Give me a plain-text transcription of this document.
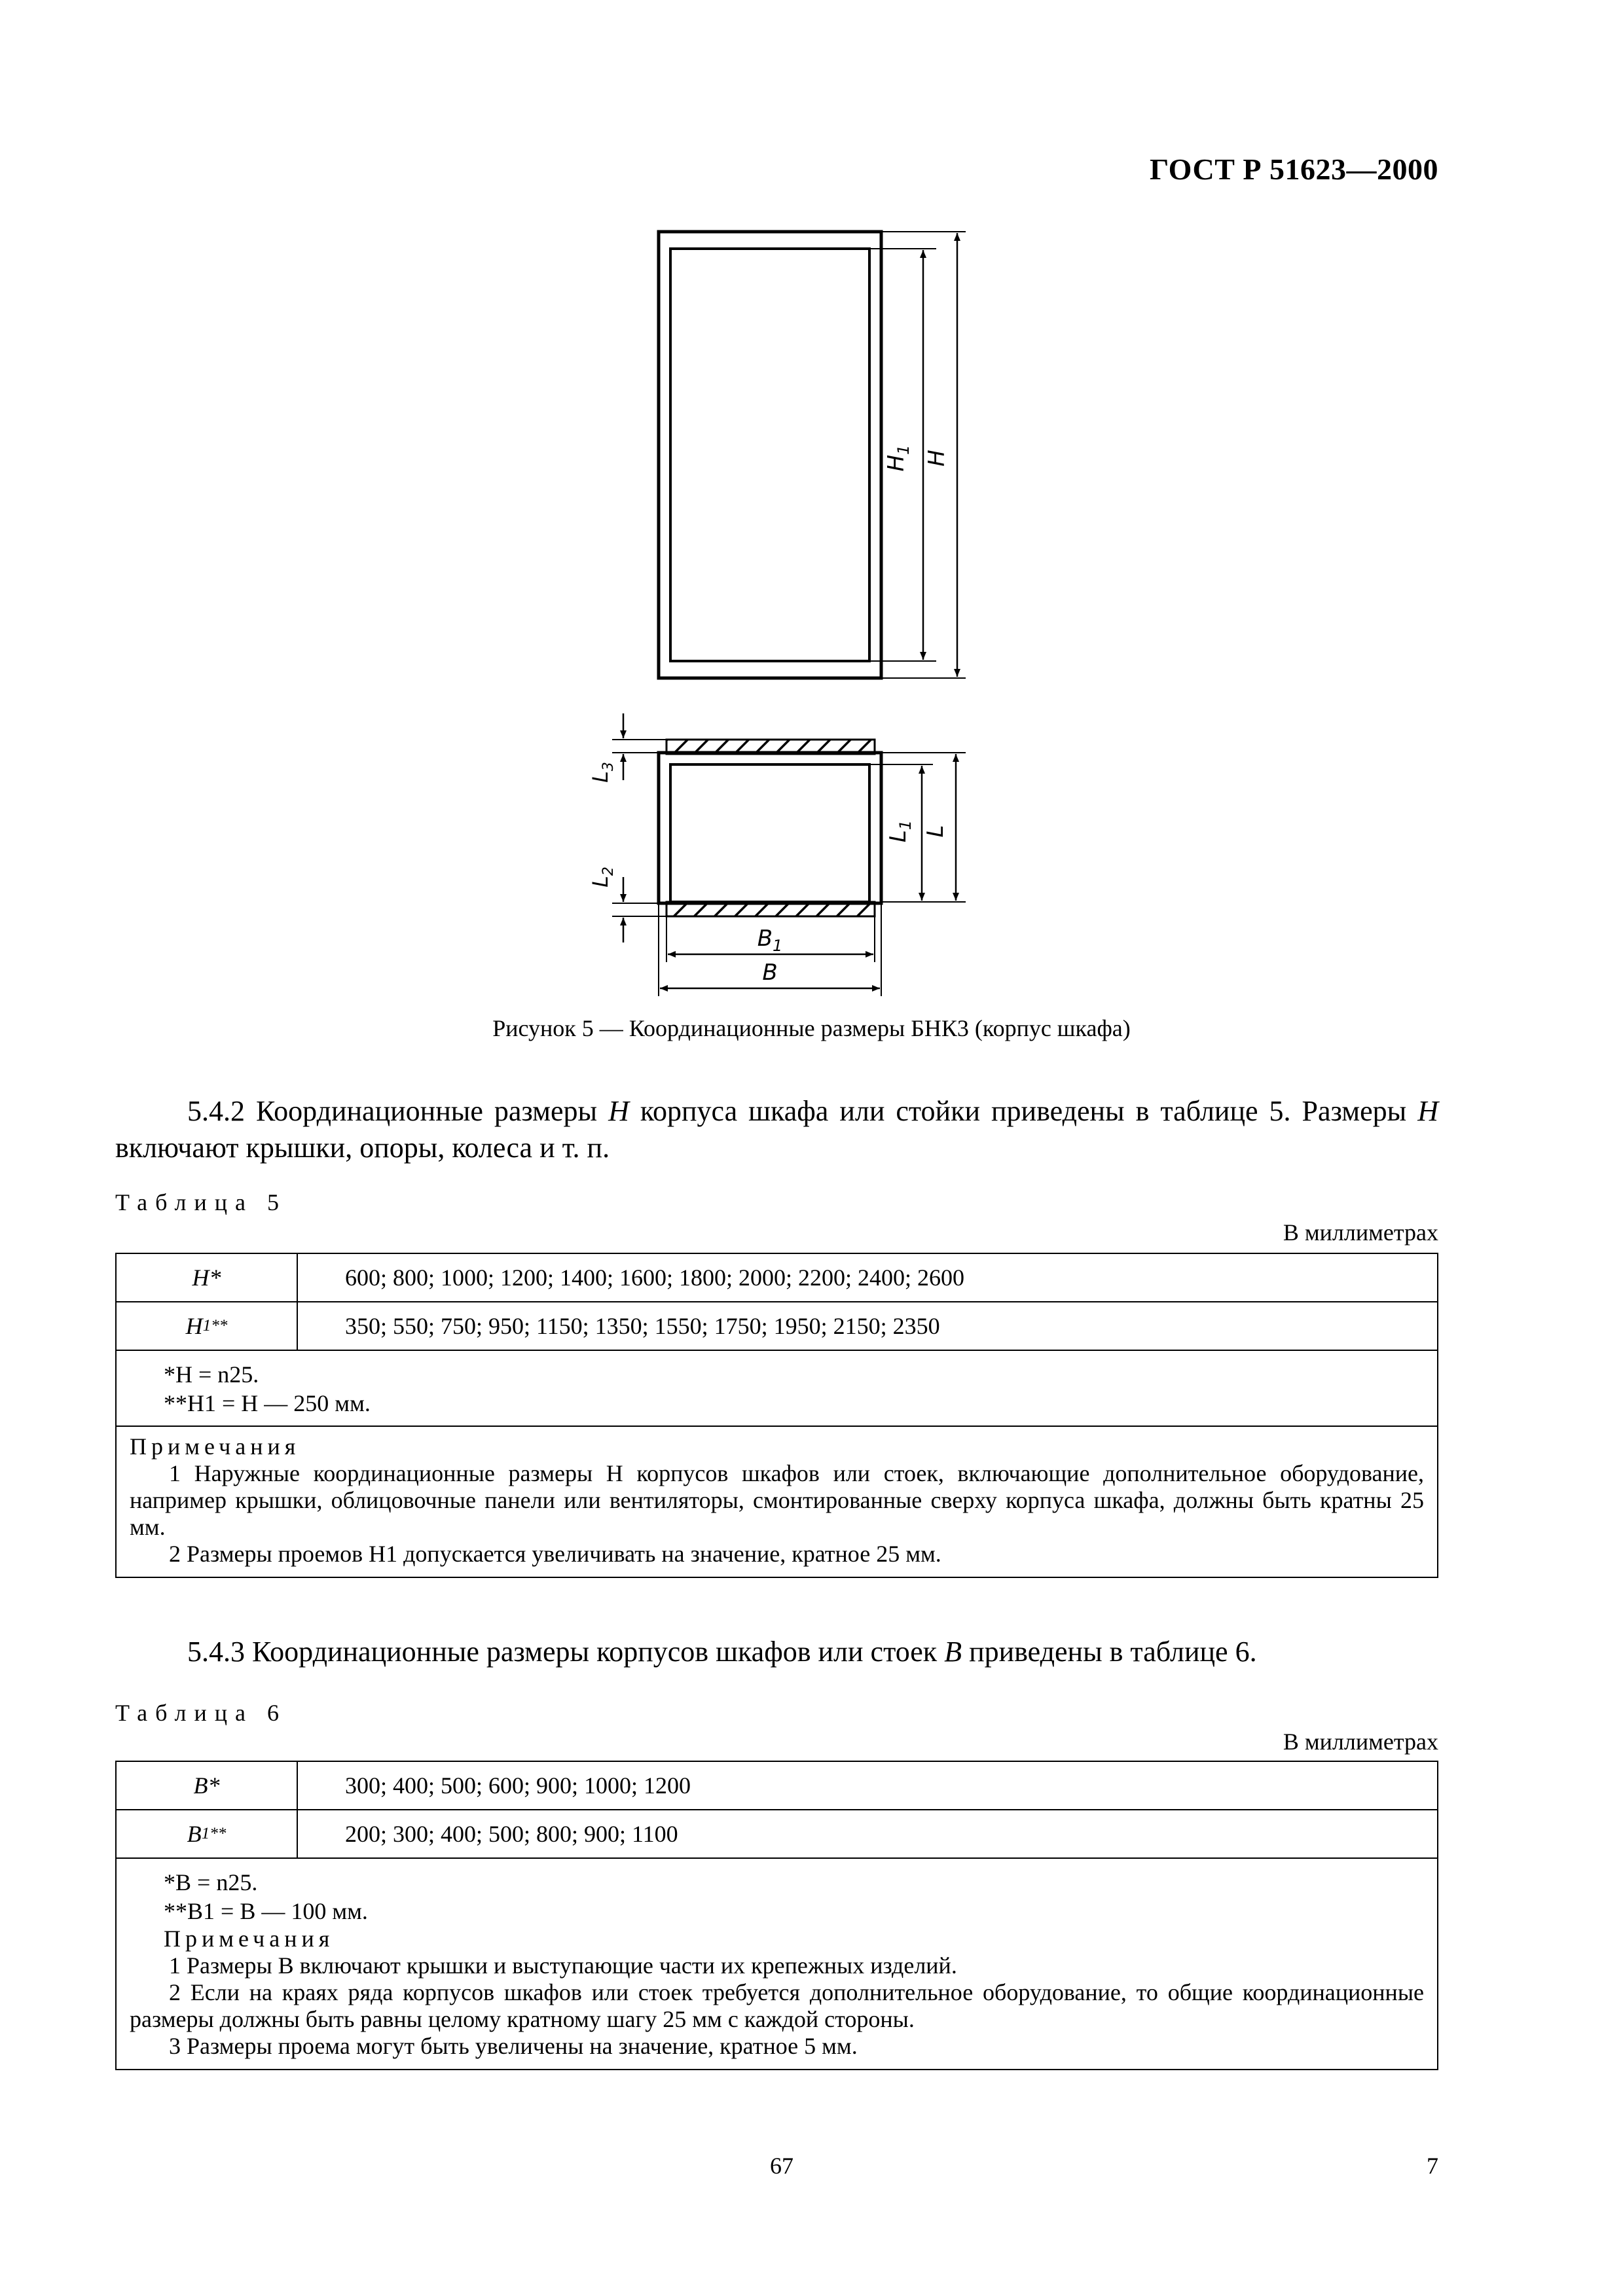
ГОСТ Р 51623—2000
$H_1$ H
$L_1$ L
$L_3$
$L_2$
$B_1$
B
Рисунок 5 — Координационные размеры БНК3 (корпус шкафа)
5.4.2 Координационные размеры H корпуса шкафа или стойки приведены в таблице 5. Размеры H включают крышки, опоры, колеса и т. п.
Таблица 5
В миллиметрах
H*	600; 800; 1000; 1200; 1400; 1600; 1800; 2000; 2200; 2400; 2600
H 1 **	350; 550; 750; 950; 1150; 1350; 1550; 1750; 1950; 2150; 2350
*H = n25.
**H1 = H — 250 мм.
Примечания
1 Наружные координационные размеры H корпусов шкафов или стоек, включающие дополнительное оборудование, например крышки, облицовочные панели или вентиляторы, смонтированные сверху корпуса шкафа, должны быть кратны 25 мм.
2 Размеры проемов H1 допускается увеличивать на значение, кратное 25 мм.
5.4.3 Координационные размеры корпусов шкафов или стоек B приведены в таблице 6.
Таблица 6
В миллиметрах
B*	300; 400; 500; 600; 900; 1000; 1200
B 1 **	200; 300; 400; 500; 800; 900; 1100
*B = n25.
**B1 = B — 100 мм.
Примечания
1 Размеры B включают крышки и выступающие части их крепежных изделий.
2 Если на краях ряда корпусов шкафов или стоек требуется дополнительное оборудование, то общие координационные размеры должны быть равны целому кратному шагу 25 мм с каждой стороны.
3 Размеры проема могут быть увеличены на значение, кратное 5 мм.
67	7
